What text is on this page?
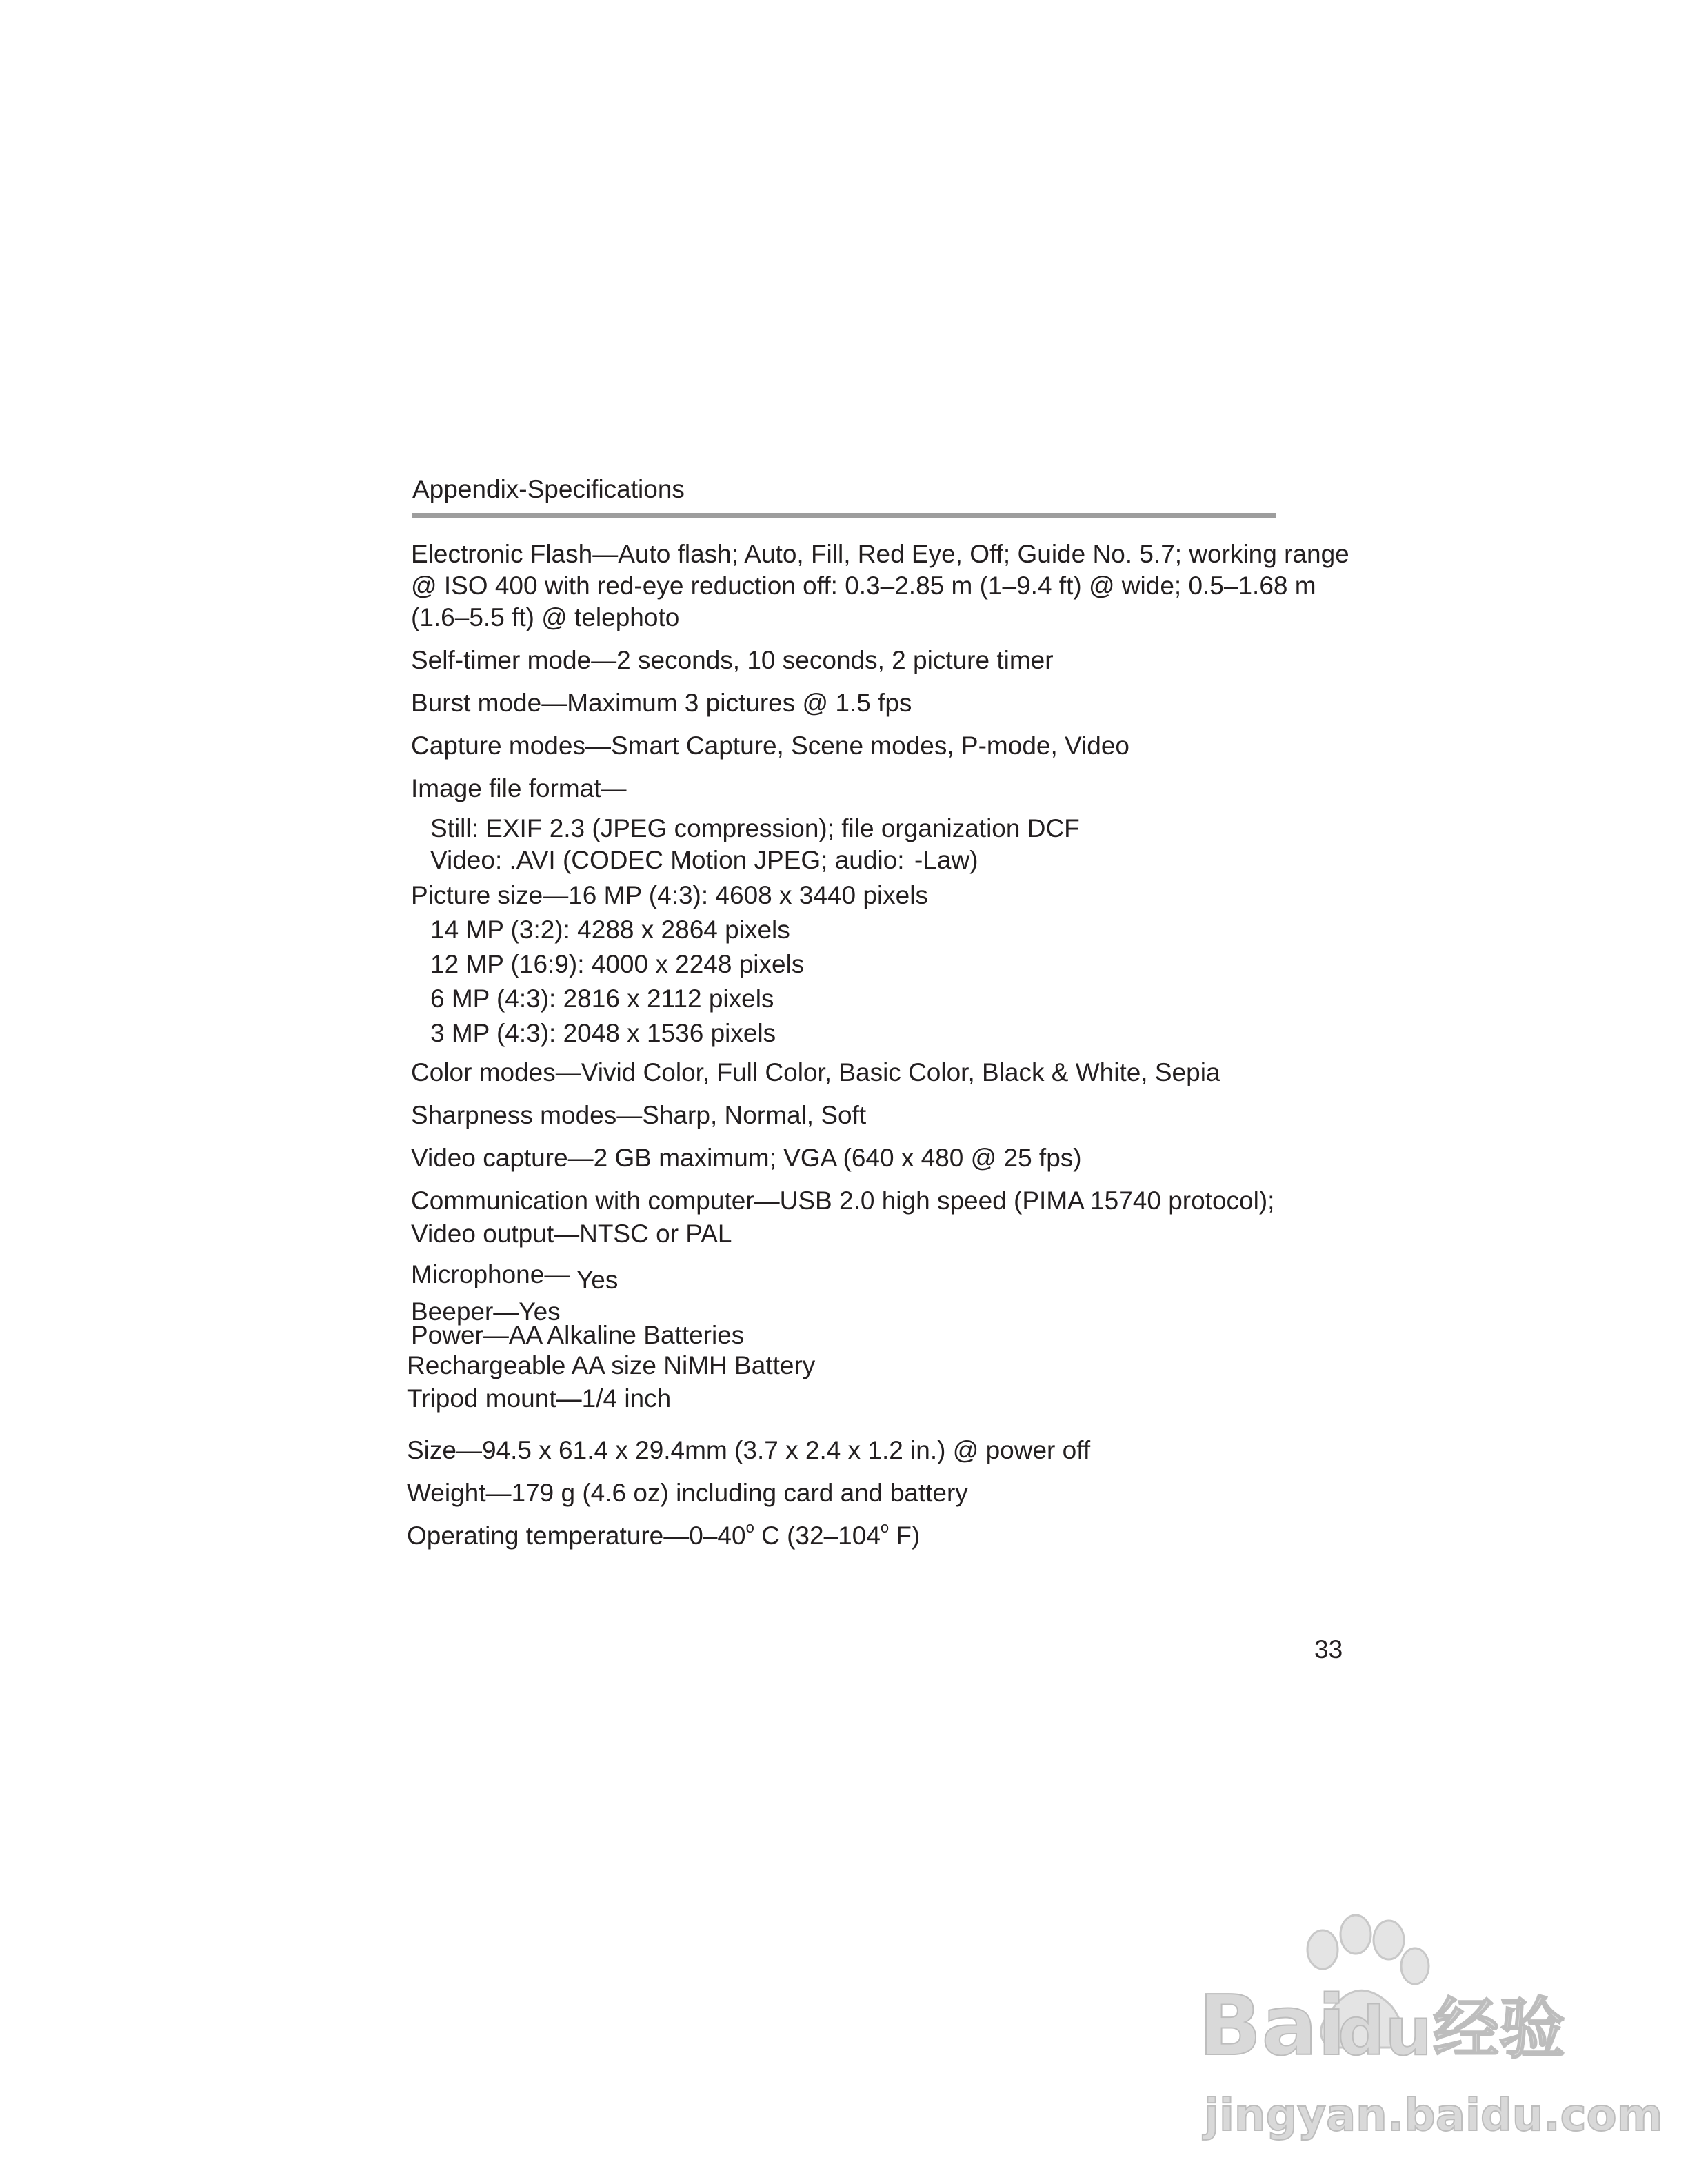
Appendix-Specifications
Electronic Flash—Auto flash; Auto, Fill, Red Eye, Off; Guide No. 5.7; working range
@ ISO 400 with red-eye reduction off: 0.3–2.85 m (1–9.4 ft) @ wide; 0.5–1.68 m
(1.6–5.5 ft) @ telephoto
Self-timer mode—2 seconds, 10 seconds, 2 picture timer
Burst mode—Maximum 3 pictures @ 1.5 fps
Capture modes—Smart Capture, Scene modes, P-mode, Video
Image file format—
Still: EXIF 2.3 (JPEG compression); file organization DCF
Video: .AVI (CODEC Motion JPEG; audio: -Law)
Picture size—16 MP (4:3): 4608 x 3440 pixels
14 MP (3:2): 4288 x 2864 pixels
12 MP (16:9): 4000 x 2248 pixels
6 MP (4:3): 2816 x 2112 pixels
3 MP (4:3): 2048 x 1536 pixels
Color modes—Vivid Color, Full Color, Basic Color, Black & White, Sepia
Sharpness modes—Sharp, Normal, Soft
Video capture—2 GB maximum; VGA (640 x 480 @ 25 fps)
Communication with computer—USB 2.0 high speed (PIMA 15740 protocol);
Video output—NTSC or PAL
Microphone— Yes
Beeper—Yes
Power—AA Alkaline Batteries
Rechargeable AA size NiMH Battery
Tripod mount—1/4 inch
Size—94.5 x 61.4 x 29.4mm (3.7 x 2.4 x 1.2 in.) @ power off
Weight—179 g (4.6 oz) including card and battery
Operating temperature—0–40$^o$ C (32–104$^o$ F)
33
Bai
du 经验
jingyan.baidu.com
